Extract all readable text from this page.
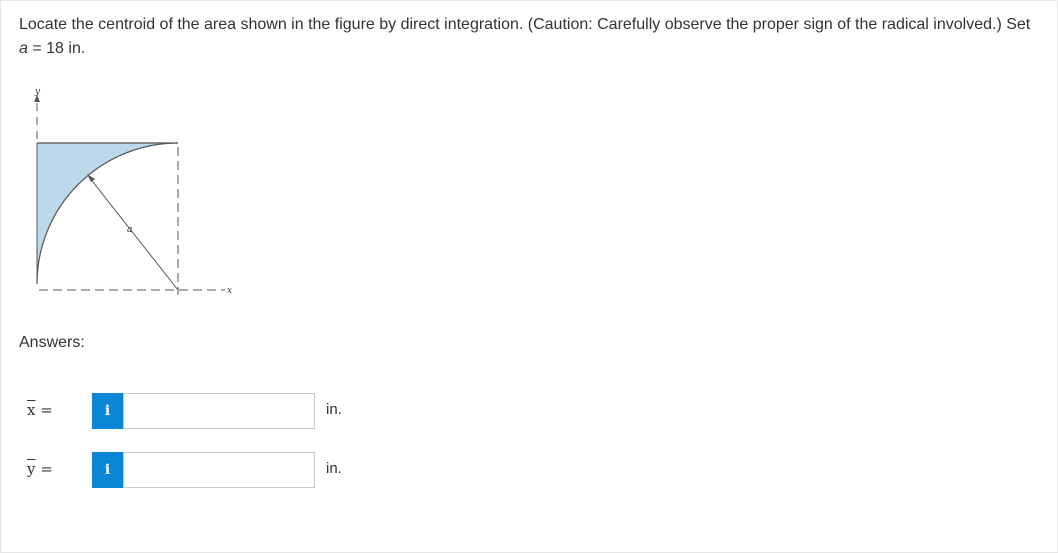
Locate the centroid of the area shown in the figure by direct integration. (Caution: Carefully observe the proper sign of the radical involved.) Set a = 18 in.
y
x
a
Answers:
$\overline{x}$ =	i	in.
$\overline{y}$ =	i	in.
